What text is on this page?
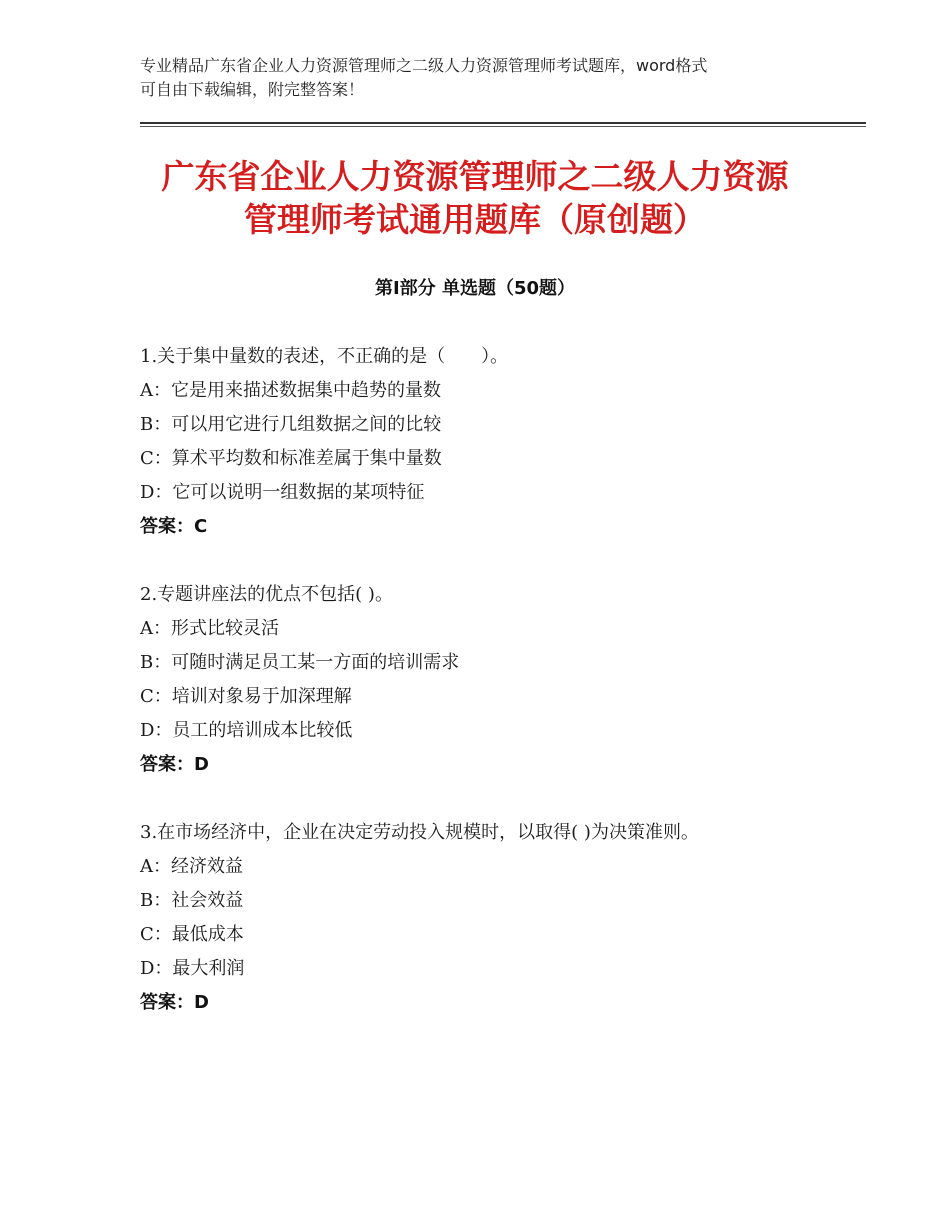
专业精品广东省企业人力资源管理师之二级人力资源管理师考试题库，word格式

可自由下载编辑，附完整答案！

广东省企业人力资源管理师之二级人力资源

管理师考试通用题库（原创题）

第Ⅰ部分 单选题（50题）

1.关于集中量数的表述，不正确的是（　　）。

A：它是用来描述数据集中趋势的量数

B：可以用它进行几组数据之间的比较

C：算术平均数和标准差属于集中量数

D：它可以说明一组数据的某项特征

答案：C

2.专题讲座法的优点不包括( )。

A：形式比较灵活

B：可随时满足员工某一方面的培训需求

C：培训对象易于加深理解

D：员工的培训成本比较低

答案：D

3.在市场经济中，企业在决定劳动投入规模时，以取得( )为决策准则。

A：经济效益

B：社会效益

C：最低成本

D：最大利润

答案：D
